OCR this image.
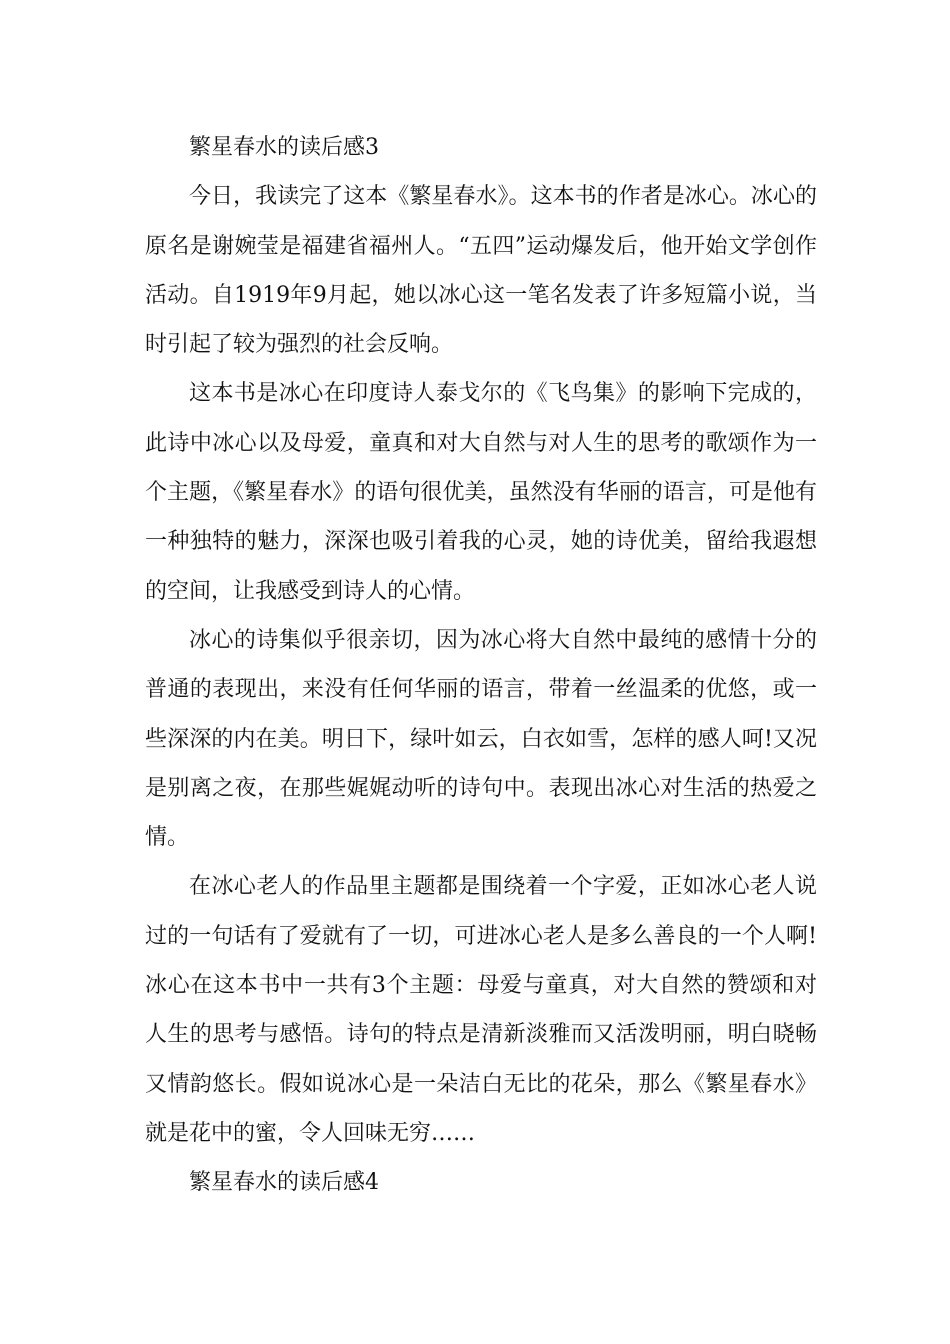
繁星春水的读后感3

今日，我读完了这本《繁星春水》。这本书的作者是冰心。冰心的原名是谢婉莹是福建省福州人。“五四”运动爆发后，他开始文学创作活动。自1919年9月起，她以冰心这一笔名发表了许多短篇小说，当时引起了较为强烈的社会反响。

这本书是冰心在印度诗人泰戈尔的《飞鸟集》的影响下完成的，此诗中冰心以及母爱，童真和对大自然与对人生的思考的歌颂作为一个主题，《繁星春水》的语句很优美，虽然没有华丽的语言，可是他有一种独特的魅力，深深也吸引着我的心灵，她的诗优美，留给我遐想的空间，让我感受到诗人的心情。

冰心的诗集似乎很亲切，因为冰心将大自然中最纯的感情十分的普通的表现出，来没有任何华丽的语言，带着一丝温柔的优悠，或一些深深的内在美。明日下，绿叶如云，白衣如雪，怎样的感人呵!又况是别离之夜，在那些娓娓动听的诗句中。表现出冰心对生活的热爱之情。

在冰心老人的作品里主题都是围绕着一个字爱，正如冰心老人说过的一句话有了爱就有了一切，可进冰心老人是多么善良的一个人啊!冰心在这本书中一共有3个主题：母爱与童真，对大自然的赞颂和对人生的思考与感悟。诗句的特点是清新淡雅而又活泼明丽，明白晓畅又情韵悠长。假如说冰心是一朵洁白无比的花朵，那么《繁星春水》就是花中的蜜，令人回味无穷……

繁星春水的读后感4
